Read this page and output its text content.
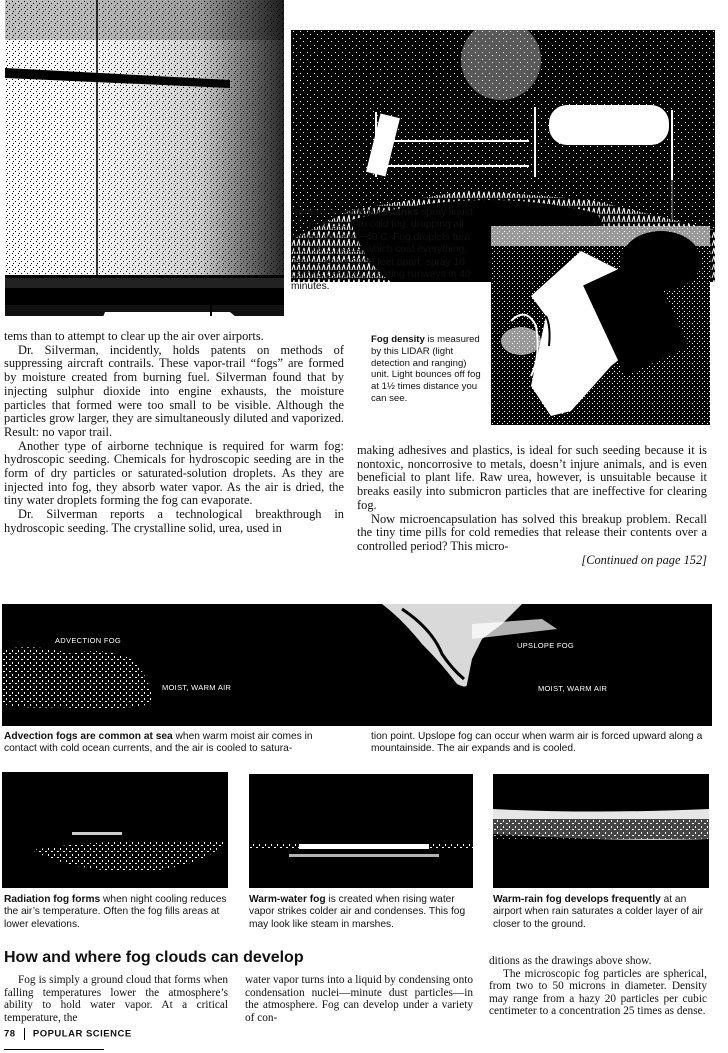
Remotely controlled tanks spray liquid propane gas into cold fog, dropping air temperature to −40 C. Fog droplets turn into ice crystals, which coat everything. Tanks, about 2000 feet apart, spray 10 gallons per hour, clearing runways in 40 minutes.
Fog density is measured by this LIDAR (light detection and ranging) unit. Light bounces off fog at 1½ times distance you can see.

tems than to attempt to clear up the air over airports.

Dr. Silverman, incidently, holds patents on methods of suppressing aircraft contrails. These vapor-trail “fogs” are formed by moisture created from burning fuel. Silverman found that by injecting sulphur dioxide into engine exhausts, the moisture particles that formed were too small to be visible. Although the particles grow larger, they are simultaneously diluted and vaporized. Result: no vapor trail.

Another type of airborne technique is required for warm fog: hydroscopic seeding. Chemicals for hydroscopic seeding are in the form of dry particles or saturated-solution droplets. As they are injected into fog, they absorb water vapor. As the air is dried, the tiny water droplets forming the fog can evaporate.

Dr. Silverman reports a technological breakthrough in hydroscopic seeding. The crystalline solid, urea, used in

making adhesives and plastics, is ideal for such seeding because it is nontoxic, noncorrosive to metals, doesn’t injure animals, and is even beneficial to plant life. Raw urea, however, is unsuitable because it breaks easily into submicron particles that are ineffective for clearing fog.

Now microencapsulation has solved this breakup problem. Recall the tiny time pills for cold remedies that release their contents over a controlled period? This micro-

[Continued on page 152]
ADVECTION FOG
MOIST, WARM AIR
UPSLOPE FOG
MOIST, WARM AIR
Advection fogs are common at sea when warm moist air comes in contact with cold ocean currents, and the air is cooled to satura-
tion point. Upslope fog can occur when warm air is forced upward along a mountainside. The air expands and is cooled.
Radiation fog forms when night cooling reduces the air’s temperature. Often the fog fills areas at lower elevations.
Warm-water fog is created when rising water vapor strikes colder air and condenses. This fog may look like steam in marshes.
Warm-rain fog develops frequently at an airport when rain saturates a colder layer of air closer to the ground.
How and where fog clouds can develop

Fog is simply a ground cloud that forms when falling temperatures lower the atmosphere’s ability to hold water vapor. At a critical temperature, the

water vapor turns into a liquid by condensing onto condensation nuclei—minute dust particles—in the atmosphere. Fog can develop under a variety of con-

ditions as the drawings above show.

The microscopic fog particles are spherical, from two to 50 microns in diameter. Density may range from a hazy 20 particles per cubic centimeter to a concentration 25 times as dense.

78 POPULAR SCIENCE
